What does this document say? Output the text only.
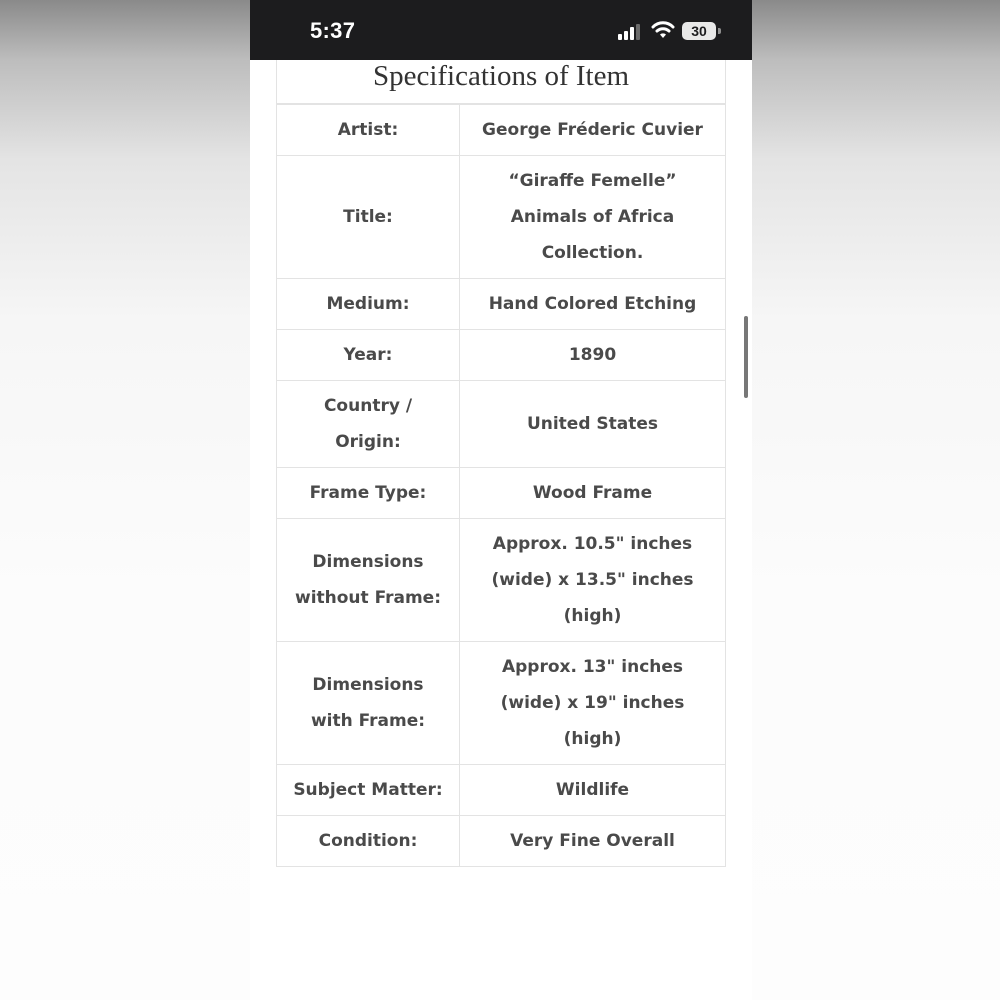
5:37	30
Specifications of Item
Artist:	George Fréderic Cuvier
Title:	“Giraffe Femelle” Animals of Africa Collection.
Medium:	Hand Colored Etching
Year:	1890
Country / Origin:	United States
Frame Type:	Wood Frame
Dimensions without Frame:	Approx. 10.5" inches (wide) x 13.5" inches (high)
Dimensions with Frame:	Approx. 13" inches (wide) x 19" inches (high)
Subject Matter:	Wildlife
Condition:	Very Fine Overall
